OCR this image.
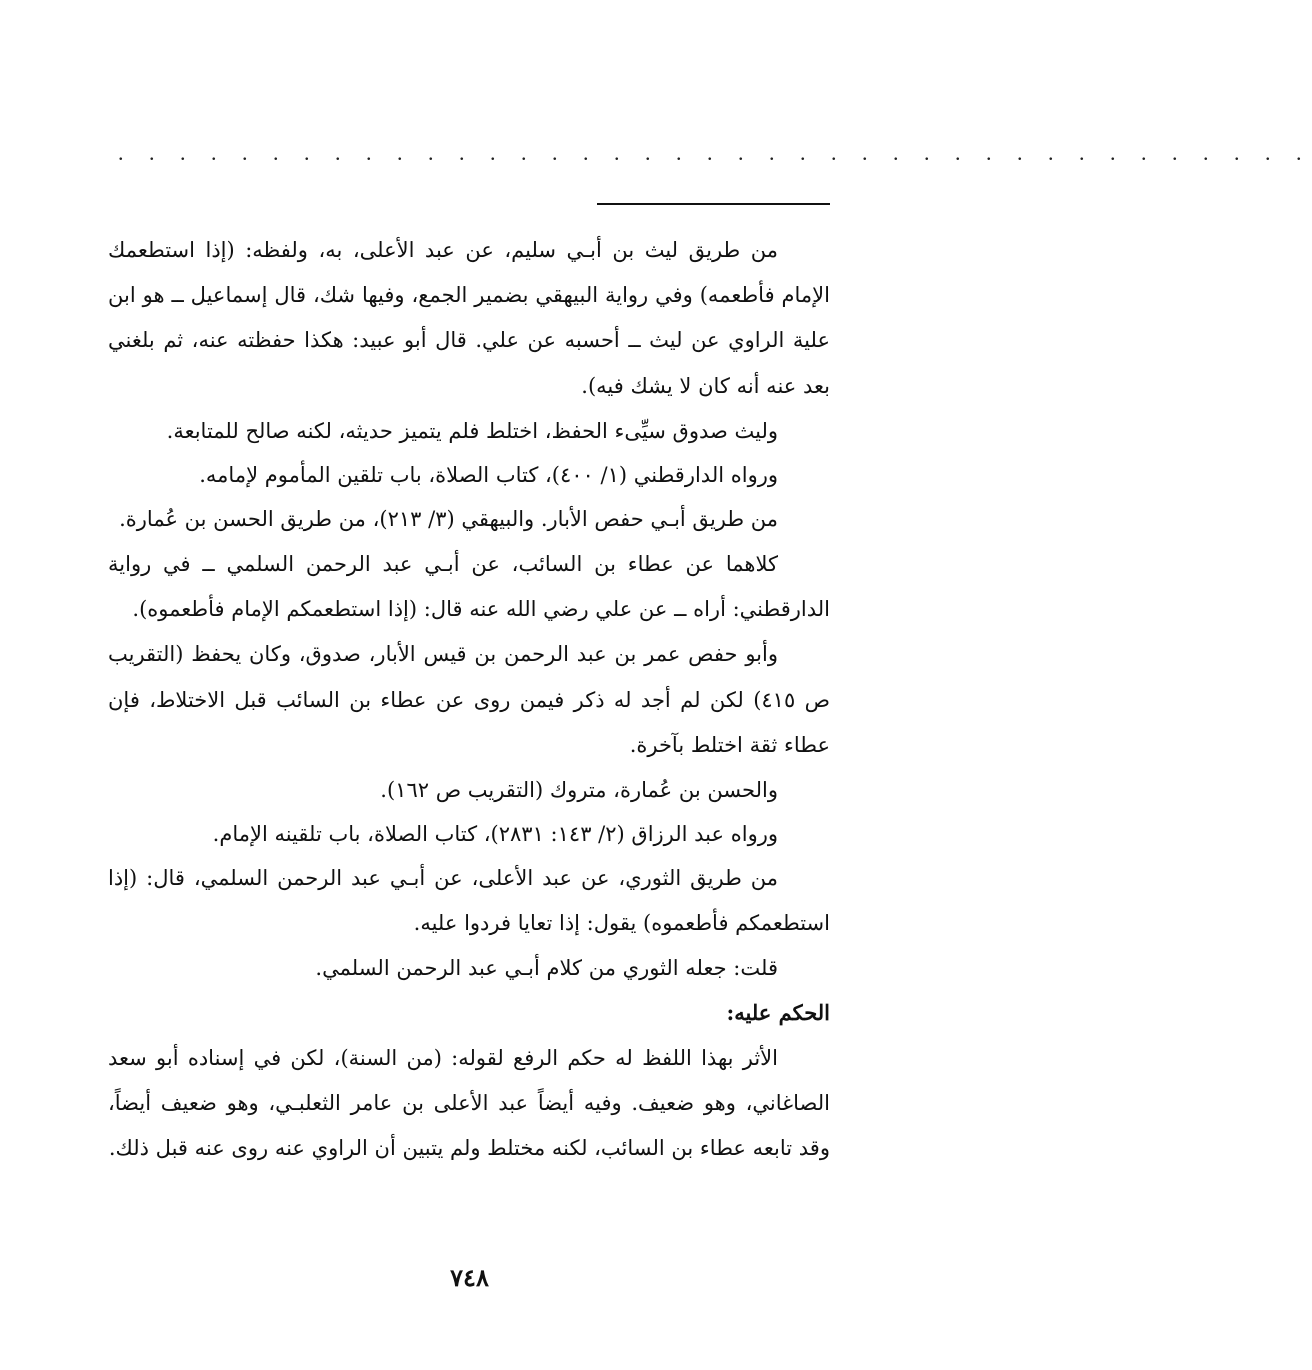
. . . . . . . . . . . . . . . . . . . . . . . . . . . . . . . . . . . . . . .

من طريق ليث بن أبـي سليم، عن عبد الأعلى، به، ولفظه: (إذا استطعمك الإمام فأطعمه) وفي رواية البيهقي بضمير الجمع، وفيها شك، قال إسماعيل ــ هو ابن علية الراوي عن ليث ــ أحسبه عن علي. قال أبو عبيد: هكذا حفظته عنه، ثم بلغني بعد عنه أنه كان لا يشك فيه).

وليث صدوق سيِّىء الحفظ، اختلط فلم يتميز حديثه، لكنه صالح للمتابعة.

ورواه الدارقطني (١/ ٤٠٠)، كتاب الصلاة، باب تلقين المأموم لإمامه.

من طريق أبـي حفص الأبار. والبيهقي (٣/ ٢١٣)، من طريق الحسن بن عُمارة.

كلاهما عن عطاء بن السائب، عن أبـي عبد الرحمن السلمي ــ في رواية الدارقطني: أراه ــ عن علي رضي الله عنه قال: (إذا استطعمكم الإمام فأطعموه).

وأبو حفص عمر بن عبد الرحمن بن قيس الأبار، صدوق، وكان يحفظ (التقريب ص ٤١٥) لكن لم أجد له ذكر فيمن روى عن عطاء بن السائب قبل الاختلاط، فإن عطاء ثقة اختلط بآخرة.

والحسن بن عُمارة، متروك (التقريب ص ١٦٢).

ورواه عبد الرزاق (٢/ ١٤٣: ٢٨٣١)، كتاب الصلاة، باب تلقينه الإمام.

من طريق الثوري، عن عبد الأعلى، عن أبـي عبد الرحمن السلمي، قال: (إذا استطعمكم فأطعموه) يقول: إذا تعايا فردوا عليه.

قلت: جعله الثوري من كلام أبـي عبد الرحمن السلمي.

الحكم عليه:

الأثر بهذا اللفظ له حكم الرفع لقوله: (من السنة)، لكن في إسناده أبو سعد الصاغاني، وهو ضعيف. وفيه أيضاً عبد الأعلى بن عامر الثعلبـي، وهو ضعيف أيضاً، وقد تابعه عطاء بن السائب، لكنه مختلط ولم يتبين أن الراوي عنه روى عنه قبل ذلك.

٧٤٨
